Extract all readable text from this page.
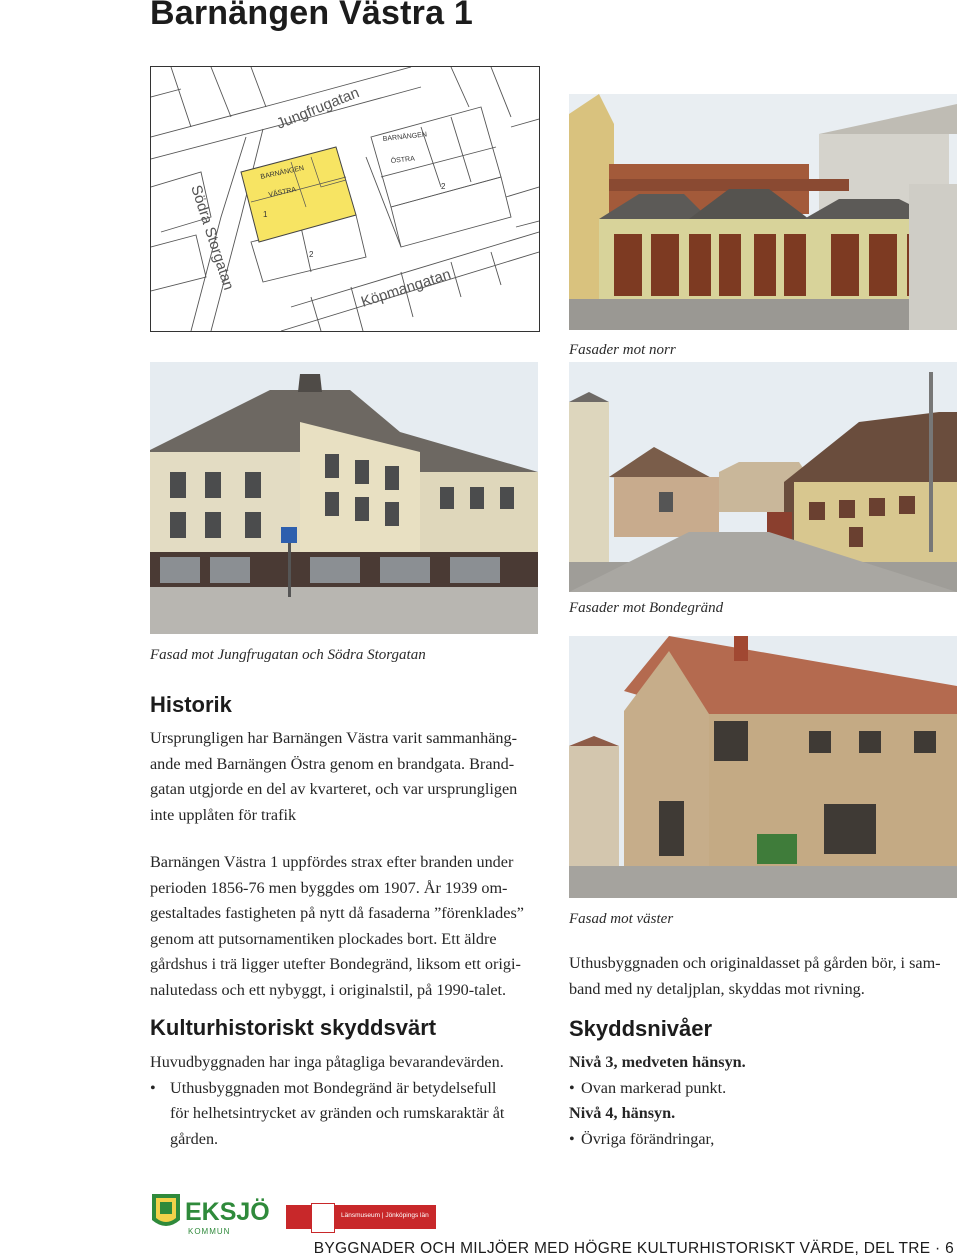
Barnängen Västra 1
BARNÄNGEN
ÖSTRA
BARNÄNGEN
VÄSTRA
1
2
2
Jungfrugatan
Södra Storgatan	Köpmangatan
Fasader mot norr
Fasad mot Jungfrugatan och Södra Storgatan
Fasader mot Bondegränd
Fasad mot väster
Historik
Ursprungligen har Barnängen Västra varit sammanhäng-
ande med Barnängen Östra genom en brandgata. Brand-
gatan utgjorde en del av kvarteret, och var ursprungligen
inte upplåten för trafik
Barnängen Västra 1 uppfördes strax efter branden under
perioden 1856-76 men byggdes om 1907. År 1939 om-
gestaltades fastigheten på nytt då fasaderna ”förenklades”
genom att putsornamentiken plockades bort. Ett äldre
gårdshus i trä ligger utefter Bondegränd, liksom ett origi-
nalutedass och ett nybyggt, i originalstil, på 1990-talet.
Kulturhistoriskt skyddsvärt
Huvudbyggnaden har inga påtagliga bevarandevärden.
• Uthusbyggnaden mot Bondegränd är betydelsefull
för helhetsintrycket av gränden och rumskaraktär åt
gården.
Uthusbyggnaden och originaldasset på gården bör, i sam-
band med ny detaljplan, skyddas mot rivning.
Skyddsnivåer
Nivå 3, medveten hänsyn.
• Ovan markerad punkt.
Nivå 4, hänsyn.
• Övriga förändringar,
EKSJÖ
KOMMUN
Länsmuseum | Jönköpings län
BYGGNADER OCH MILJÖER MED HÖGRE KULTURHISTORISKT VÄRDE, DEL TRE · 6
